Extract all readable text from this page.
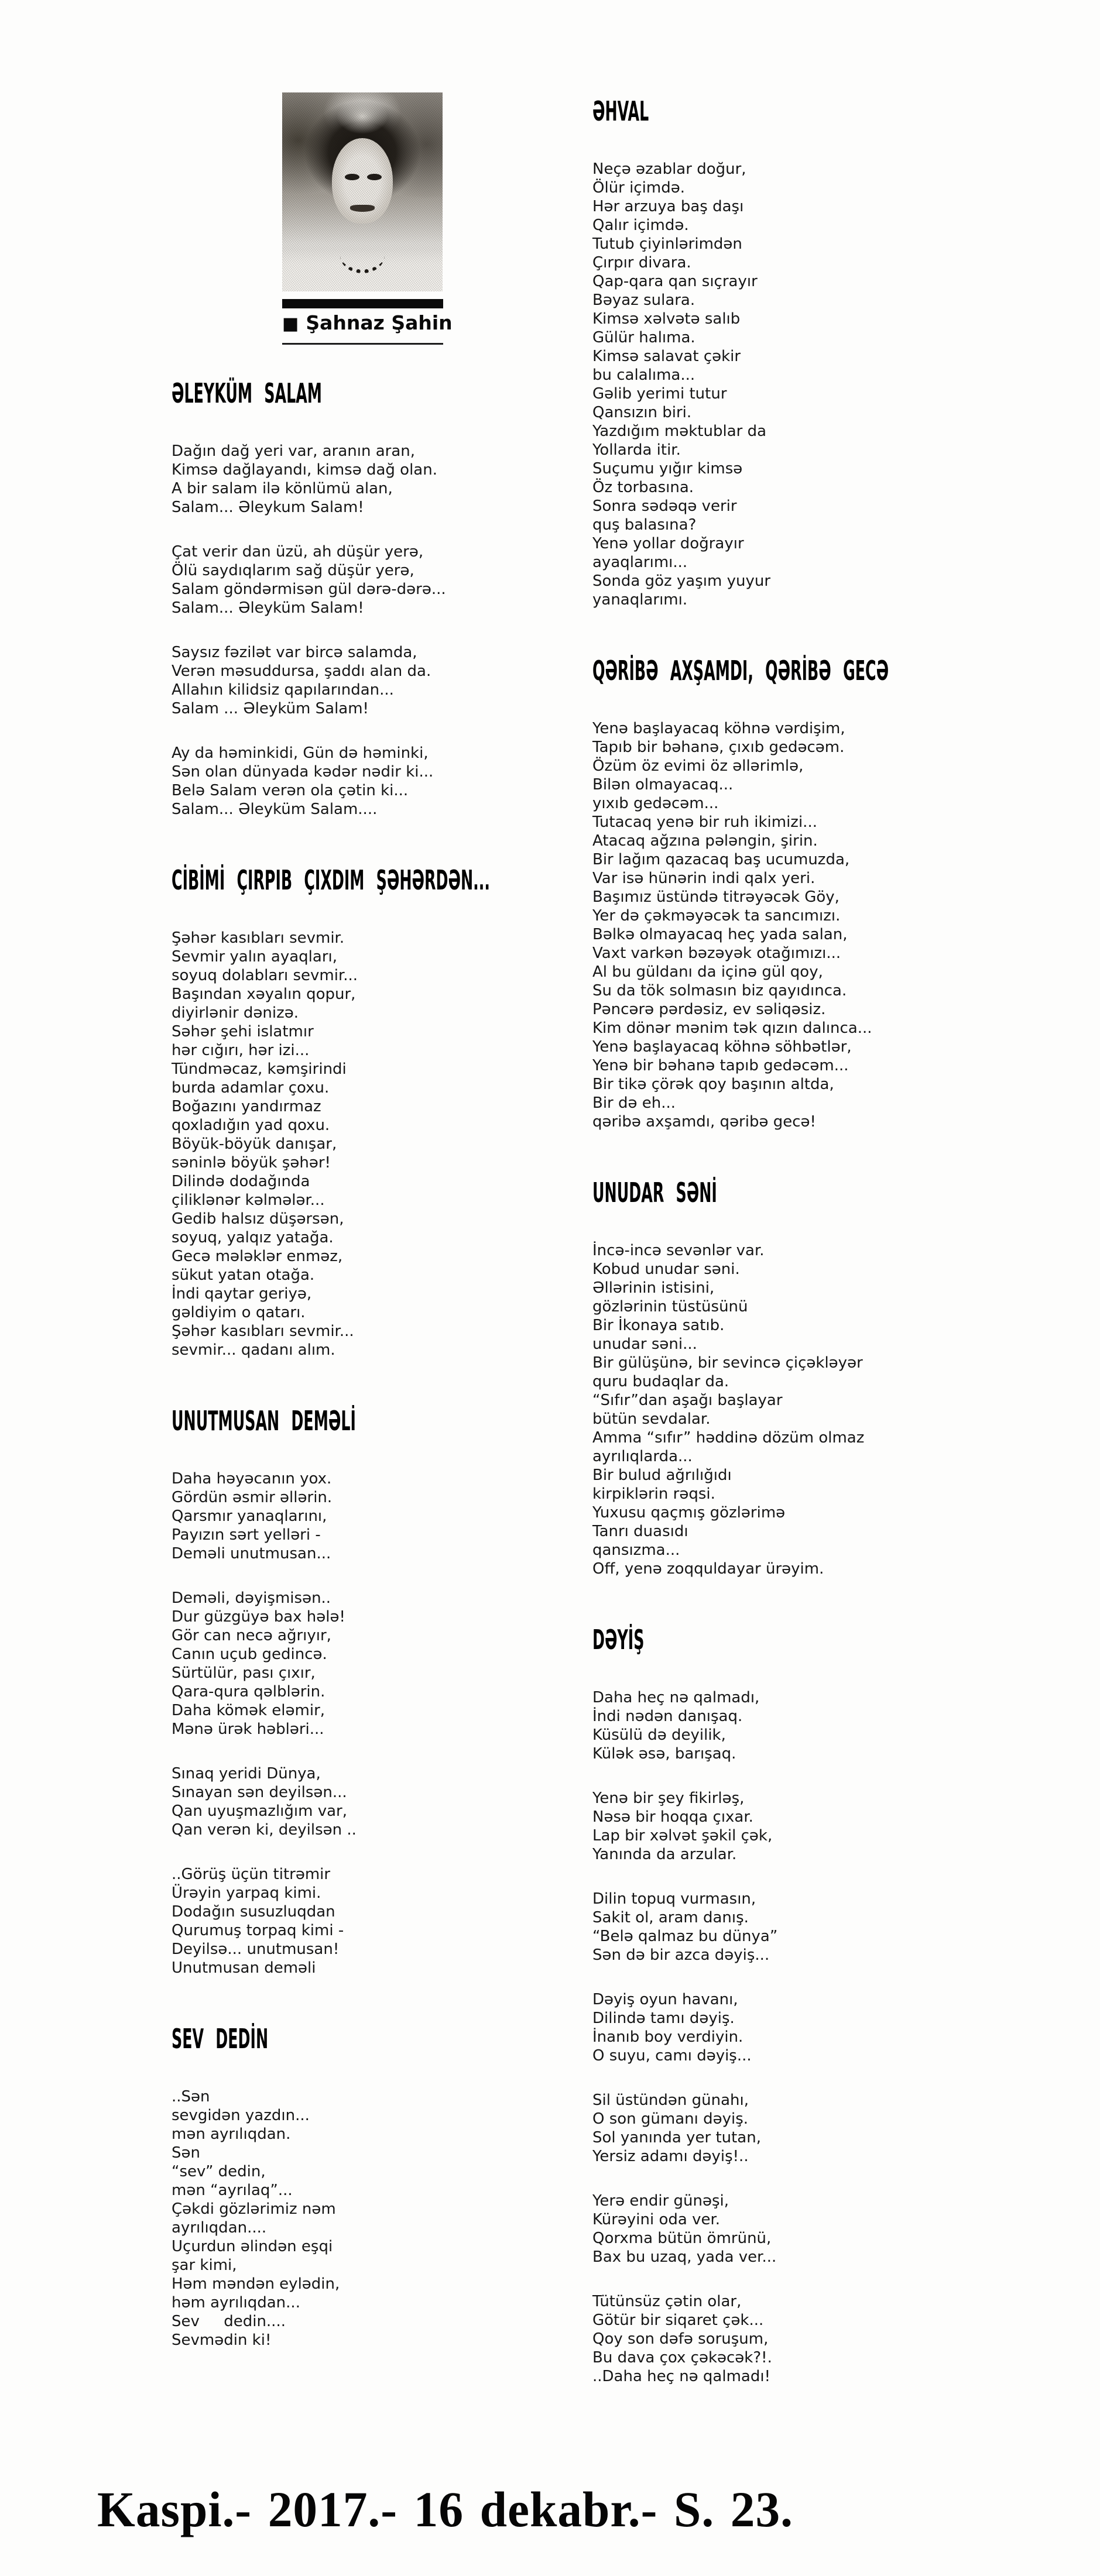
■ Şahnaz Şahin
ƏLEYKÜM SALAM

Dağın dağ yeri var, aranın aran,

Kimsə dağlayandı, kimsə dağ olan.

A bir salam ilə könlümü alan,

Salam... Əleykum Salam!

Çat verir dan üzü, ah düşür yerə,

Ölü saydıqlarım sağ düşür yerə,

Salam göndərmisən gül dərə-dərə...

Salam... Əleyküm Salam!

Saysız fəzilət var bircə salamda,

Verən məsuddursa, şaddı alan da.

Allahın kilidsiz qapılarından...

Salam ... Əleyküm Salam!

Ay da həminkidi, Gün də həminki,

Sən olan dünyada kədər nədir ki...

Belə Salam verən ola çətin ki...

Salam... Əleyküm Salam....

CİBİMİ ÇIRPIB ÇIXDIM ŞƏHƏRDƏN...

Şəhər kasıbları sevmir.

Sevmir yalın ayaqları,

soyuq dolabları sevmir...

Başından xəyalın qopur,

diyirlənir dənizə.

Səhər şehi islatmır

hər cığırı, hər izi...

Tündməcaz, kəmşirindi

burda adamlar çoxu.

Boğazını yandırmaz

qoxladığın yad qoxu.

Böyük-böyük danışar,

səninlə böyük şəhər!

Dilində dodağında

çiliklənər kəlmələr...

Gedib halsız düşərsən,

soyuq, yalqız yatağa.

Gecə mələklər enməz,

sükut yatan otağa.

İndi qaytar geriyə,

gəldiyim o qatarı.

Şəhər kasıbları sevmir...

sevmir... qadanı alım.

UNUTMUSAN DEMƏLİ

Daha həyəcanın yox.

Gördün əsmir əllərin.

Qarsmır yanaqlarını,

Payızın sərt yelləri -

Deməli unutmusan...

Deməli, dəyişmisən..

Dur güzgüyə bax hələ!

Gör can necə ağrıyır,

Canın uçub gedincə.

Sürtülür, pası çıxır,

Qara-qura qəlblərin.

Daha kömək eləmir,

Mənə ürək həbləri...

Sınaq yeridi Dünya,

Sınayan sən deyilsən...

Qan uyuşmazlığım var,

Qan verən ki, deyilsən ..

..Görüş üçün titrəmir

Ürəyin yarpaq kimi.

Dodağın susuzluqdan

Qurumuş torpaq kimi -

Deyilsə... unutmusan!

Unutmusan deməli

SEV DEDİN

..Sən

sevgidən yazdın...

mən ayrılıqdan.

Sən

“sev” dedin,

mən “ayrılaq”...

Çəkdi gözlərimiz nəm

ayrılıqdan....

Uçurdun əlindən eşqi

şar kimi,

Həm məndən eylədin,

həm ayrılıqdan...

Sev     dedin....

Sevmədin ki!

ƏHVAL

Neçə əzablar doğur,

Ölür içimdə.

Hər arzuya baş daşı

Qalır içimdə.

Tutub çiyinlərimdən

Çırpır divara.

Qap-qara qan sıçrayır

Bəyaz sulara.

Kimsə xəlvətə salıb

Gülür halıma.

Kimsə salavat çəkir

bu calalıma...

Gəlib yerimi tutur

Qansızın biri.

Yazdığım məktublar da

Yollarda itir.

Suçumu yığır kimsə

Öz torbasına.

Sonra sədəqə verir

quş balasına?

Yenə yollar doğrayır

ayaqlarımı...

Sonda göz yaşım yuyur

yanaqlarımı.

QƏRİBƏ AXŞAMDI, QƏRİBƏ GECƏ

Yenə başlayacaq köhnə vərdişim,

Tapıb bir bəhanə, çıxıb gedəcəm.

Özüm öz evimi öz əllərimlə,

Bilən olmayacaq...

yıxıb gedəcəm...

Tutacaq yenə bir ruh ikimizi...

Atacaq ağzına pələngin, şirin.

Bir lağım qazacaq baş ucumuzda,

Var isə hünərin indi qalx yeri.

Başımız üstündə titrəyəcək Göy,

Yer də çəkməyəcək ta sancımızı.

Bəlkə olmayacaq heç yada salan,

Vaxt varkən bəzəyək otağımızı...

Al bu güldanı da içinə gül qoy,

Su da tök solmasın biz qayıdınca.

Pəncərə pərdəsiz, ev səliqəsiz.

Kim dönər mənim tək qızın dalınca...

Yenə başlayacaq köhnə söhbətlər,

Yenə bir bəhanə tapıb gedəcəm...

Bir tikə çörək qoy başının altda,

Bir də eh...

qəribə axşamdı, qəribə gecə!

UNUDAR SƏNİ

İncə-incə sevənlər var.

Kobud unudar səni.

Əllərinin istisini,

gözlərinin tüstüsünü

Bir İkonaya satıb.

unudar səni...

Bir gülüşünə, bir sevincə çiçəkləyər

quru budaqlar da.

“Sıfır”dan aşağı başlayar

bütün sevdalar.

Amma “sıfır” həddinə dözüm olmaz

ayrılıqlarda...

Bir bulud ağrılığıdı

kirpiklərin rəqsi.

Yuxusu qaçmış gözlərimə

Tanrı duasıdı

qansızma...

Off, yenə zoqquldayar ürəyim.

DƏYİŞ

Daha heç nə qalmadı,

İndi nədən danışaq.

Küsülü də deyilik,

Külək əsə, barışaq.

Yenə bir şey fikirləş,

Nəsə bir hoqqa çıxar.

Lap bir xəlvət şəkil çək,

Yanında da arzular.

Dilin topuq vurmasın,

Sakit ol, aram danış.

“Belə qalmaz bu dünya”

Sən də bir azca dəyiş...

Dəyiş oyun havanı,

Dilində tamı dəyiş.

İnanıb boy verdiyin.

O suyu, camı dəyiş...

Sil üstündən günahı,

O son gümanı dəyiş.

Sol yanında yer tutan,

Yersiz adamı dəyiş!..

Yerə endir günəşi,

Kürəyini oda ver.

Qorxma bütün ömrünü,

Bax bu uzaq, yada ver...

Tütünsüz çətin olar,

Götür bir siqaret çək...

Qoy son dəfə soruşum,

Bu dava çox çəkəcək?!.

..Daha heç nə qalmadı!

Kaspi.- 2017.- 16 dekabr.- S. 23.
